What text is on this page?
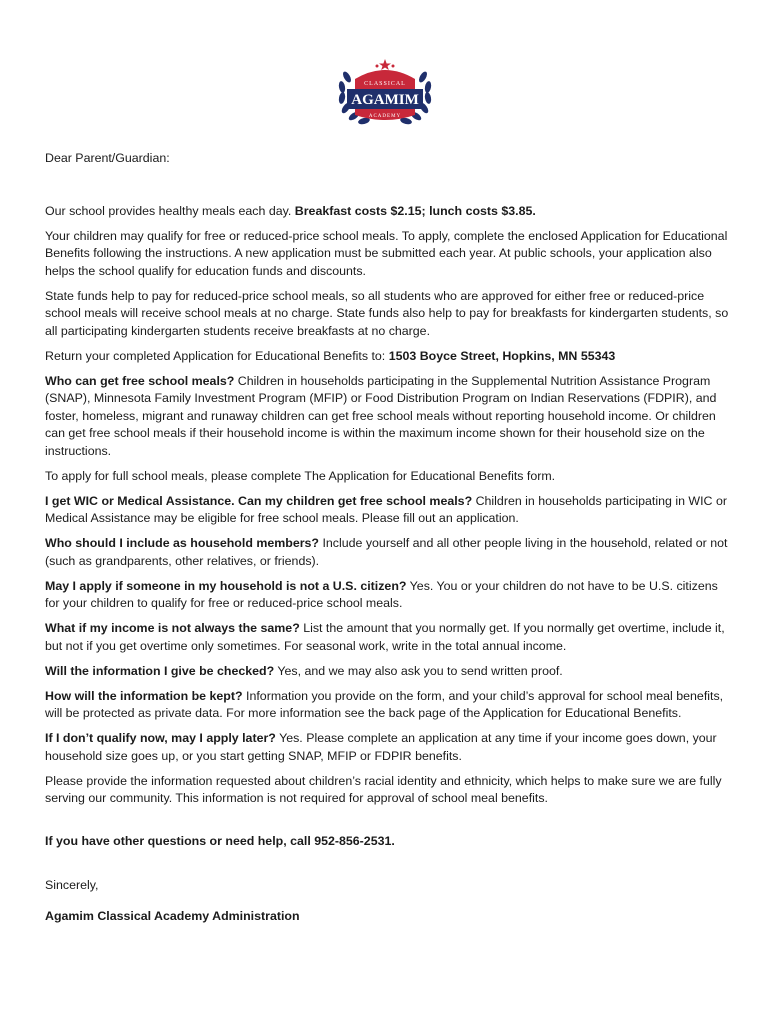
CLASSICAL
AGAMIM
ACADEMY

Dear Parent/Guardian:

Our school provides healthy meals each day. Breakfast costs $2.15; lunch costs $3.85.

Your children may qualify for free or reduced-price school meals. To apply, complete the enclosed Application for Educational Benefits following the instructions. A new application must be submitted each year. At public schools, your application also helps the school qualify for education funds and discounts.

State funds help to pay for reduced-price school meals, so all students who are approved for either free or reduced-price school meals will receive school meals at no charge. State funds also help to pay for breakfasts for kindergarten students, so all participating kindergarten students receive breakfasts at no charge.

Return your completed Application for Educational Benefits to: 1503 Boyce Street, Hopkins, MN 55343

Who can get free school meals? Children in households participating in the Supplemental Nutrition Assistance Program (SNAP), Minnesota Family Investment Program (MFIP) or Food Distribution Program on Indian Reservations (FDPIR), and foster, homeless, migrant and runaway children can get free school meals without reporting household income. Or children can get free school meals if their household income is within the maximum income shown for their household size on the instructions.

To apply for full school meals, please complete The Application for Educational Benefits form.

I get WIC or Medical Assistance. Can my children get free school meals? Children in households participating in WIC or Medical Assistance may be eligible for free school meals. Please fill out an application.

Who should I include as household members? Include yourself and all other people living in the household, related or not (such as grandparents, other relatives, or friends).

May I apply if someone in my household is not a U.S. citizen? Yes. You or your children do not have to be U.S. citizens for your children to qualify for free or reduced-price school meals.

What if my income is not always the same? List the amount that you normally get. If you normally get overtime, include it, but not if you get overtime only sometimes. For seasonal work, write in the total annual income.

Will the information I give be checked? Yes, and we may also ask you to send written proof.

How will the information be kept? Information you provide on the form, and your child’s approval for school meal benefits, will be protected as private data. For more information see the back page of the Application for Educational Benefits.

If I don’t qualify now, may I apply later? Yes. Please complete an application at any time if your income goes down, your household size goes up, or you start getting SNAP, MFIP or FDPIR benefits.

Please provide the information requested about children’s racial identity and ethnicity, which helps to make sure we are fully serving our community. This information is not required for approval of school meal benefits.

If you have other questions or need help, call 952-856-2531.

Sincerely,

Agamim Classical Academy Administration
